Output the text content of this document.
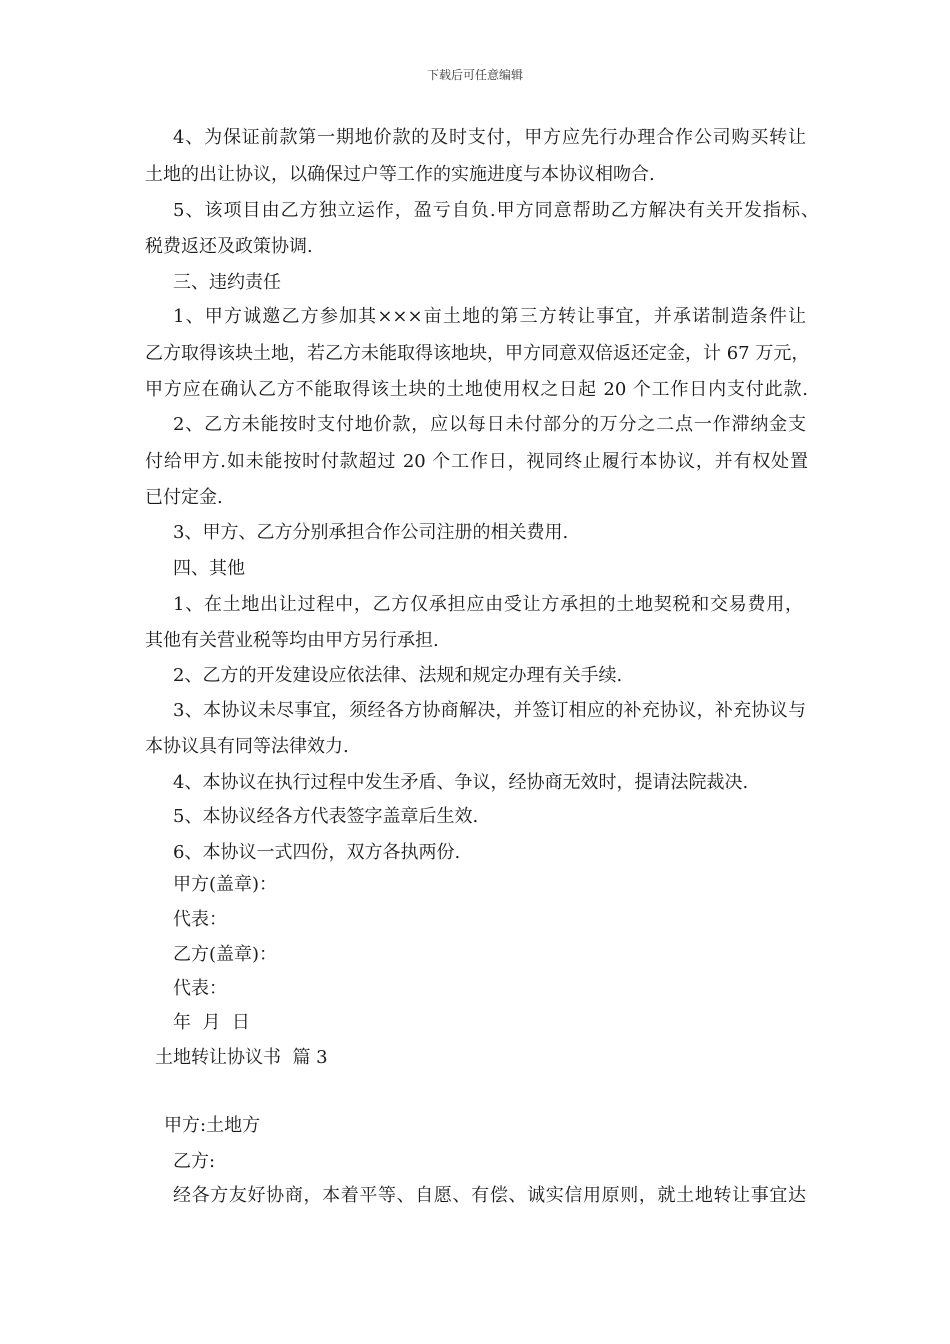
下载后可任意编辑
4、为保证前款第一期地价款的及时支付，甲方应先行办理合作公司购买转让
土地的出让协议，以确保过户等工作的实施进度与本协议相吻合.
5、该项目由乙方独立运作，盈亏自负.甲方同意帮助乙方解决有关开发指标、
税费返还及政策协调.
三、违约责任
1、甲方诚邀乙方参加其×××亩土地的第三方转让事宜，并承诺制造条件让
乙方取得该块土地，若乙方未能取得该地块，甲方同意双倍返还定金，计 67 万元，
甲方应在确认乙方不能取得该土块的土地使用权之日起 20 个工作日内支付此款.
2、乙方未能按时支付地价款，应以每日未付部分的万分之二点一作滞纳金支
付给甲方.如未能按时付款超过 20 个工作日，视同终止履行本协议，并有权处置
已付定金.
3、甲方、乙方分别承担合作公司注册的相关费用.
四、其他
1、在土地出让过程中，乙方仅承担应由受让方承担的土地契税和交易费用，
其他有关营业税等均由甲方另行承担.
2、乙方的开发建设应依法律、法规和规定办理有关手续.
3、本协议未尽事宜，须经各方协商解决，并签订相应的补充协议，补充协议与
本协议具有同等法律效力.
4、本协议在执行过程中发生矛盾、争议，经协商无效时，提请法院裁决.
5、本协议经各方代表签字盖章后生效.
6、本协议一式四份，双方各执两份.
甲方(盖章)：
代表：
乙方(盖章)：
代表：
年  月  日
土地转让协议书  篇 3
甲方:土地方
乙方:
经各方友好协商，本着平等、自愿、有偿、诚实信用原则，就土地转让事宜达
